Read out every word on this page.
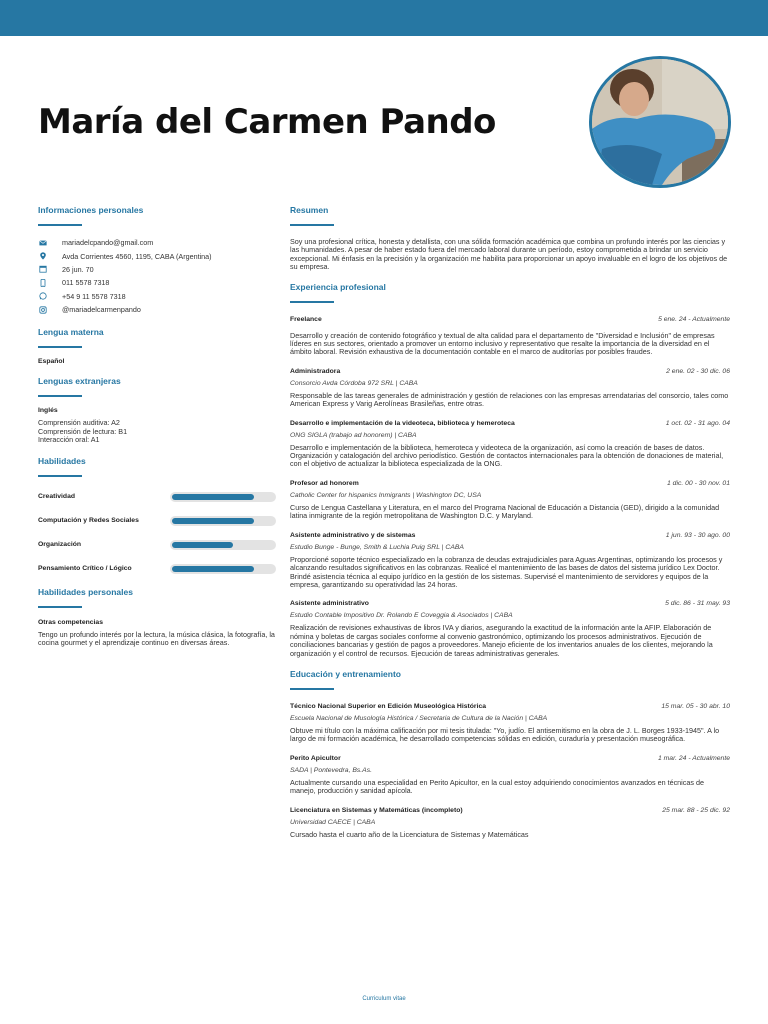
María del Carmen Pando
Informaciones personales
mariadelcpando@gmail.com
Avda Corrientes 4560, 1195, CABA (Argentina)
26 jun. 70
011 5578 7318
+54 9 11 5578 7318
@mariadelcarmenpando
Lengua materna
Español
Lenguas extranjeras
Inglés
Comprensión auditiva: A2
Comprensión de lectura: B1
Interacción oral: A1
Habilidades
Creatividad
Computación y Redes Sociales
Organización
Pensamiento Crítico / Lógico
Habilidades personales
Otras competencias
Tengo un profundo interés por la lectura, la música clásica, la fotografía, la cocina gourmet y el aprendizaje continuo en diversas áreas.
Resumen
Soy una profesional crítica, honesta y detallista, con una sólida formación académica que combina un profundo interés por las ciencias y las humanidades. A pesar de haber estado fuera del mercado laboral durante un período, estoy comprometida a brindar un servicio excepcional. Mi énfasis en la precisión y la organización me habilita para proporcionar un apoyo invaluable en el logro de los objetivos de su empresa.
Experiencia profesional
Freelance	5 ene. 24 - Actualmente
Desarrollo y creación de contenido fotográfico y textual de alta calidad para el departamento de "Diversidad e Inclusión" de empresas líderes en sus sectores, orientado a promover un entorno inclusivo y representativo que resalte la importancia de la diversidad en el ámbito laboral. Revisión exhaustiva de la documentación contable en el marco de auditorías por posibles fraudes.
Administradora	2 ene. 02 - 30 dic. 06
Consorcio Avda Córdoba 972 SRL | CABA
Responsable de las tareas generales de administración y gestión de relaciones con las empresas arrendatarias del consorcio, tales como American Express y Varig Aerolíneas Brasileñas, entre otras.
Desarrollo e implementación de la videoteca, biblioteca y hemeroteca	1 oct. 02 - 31 ago. 04
ONG SIGLA (trabajo ad honorem) | CABA
Desarrollo e implementación de la biblioteca, hemeroteca y videoteca de la organización, así como la creación de bases de datos. Organización y catalogación del archivo periodístico. Gestión de contactos internacionales para la obtención de donaciones de material, con el objetivo de actualizar la biblioteca especializada de la ONG.
Profesor ad honorem	1 dic. 00 - 30 nov. 01
Catholic Center for hispanics Inmigrants | Washington DC, USA
Curso de Lengua Castellana y Literatura, en el marco del Programa Nacional de Educación a Distancia (GED), dirigido a la comunidad latina inmigrante de la región metropolitana de Washington D.C. y Maryland.
Asistente administrativo y de sistemas	1 jun. 93 - 30 ago. 00
Estudio Bunge - Bunge, Smith & Luchia Puig SRL | CABA
Proporcioné soporte técnico especializado en la cobranza de deudas extrajudiciales para Aguas Argentinas, optimizando los procesos y alcanzando resultados significativos en las cobranzas. Realicé el mantenimiento de las bases de datos del sistema jurídico Lex Doctor. Brindé asistencia técnica al equipo jurídico en la gestión de los sistemas. Supervisé el mantenimiento de servidores y equipos de la empresa, garantizando su operatividad las 24 horas.
Asistente administrativo	5 dic. 86 - 31 may. 93
Estudio Contable Impositivo Dr. Rolando E Coveggia & Asociados | CABA
Realización de revisiones exhaustivas de libros IVA y diarios, asegurando la exactitud de la información ante la AFIP. Elaboración de nómina y boletas de cargas sociales conforme al convenio gastronómico, optimizando los procesos administrativos. Ejecución de conciliaciones bancarias y gestión de pagos a proveedores. Manejo eficiente de los inventarios anuales de los clientes, mejorando la organización y el control de recursos. Ejecución de tareas administrativas generales.
Educación y entrenamiento
Técnico Nacional Superior en Edición Museológica Histórica	15 mar. 05 - 30 abr. 10
Escuela Nacional de Musología Histórica / Secretaria de Cultura de la Nación | CABA
Obtuve mi título con la máxima calificación por mi tesis titulada: "Yo, judío. El antisemitismo en la obra de J. L. Borges 1933-1945". A lo largo de mi formación académica, he desarrollado competencias sólidas en edición, curaduría y presentación museográfica.
Perito Apicultor	1 mar. 24 - Actualmente
SADA | Pontevedra, Bs.As.
Actualmente cursando una especialidad en Perito Apicultor, en la cual estoy adquiriendo conocimientos avanzados en técnicas de manejo, producción y sanidad apícola.
Licenciatura en Sistemas y Matemáticas (incompleto)	25 mar. 88 - 25 dic. 92
Universidad CAECE | CABA
Cursado hasta el cuarto año de la Licenciatura de Sistemas y Matemáticas
Curriculum vitae
